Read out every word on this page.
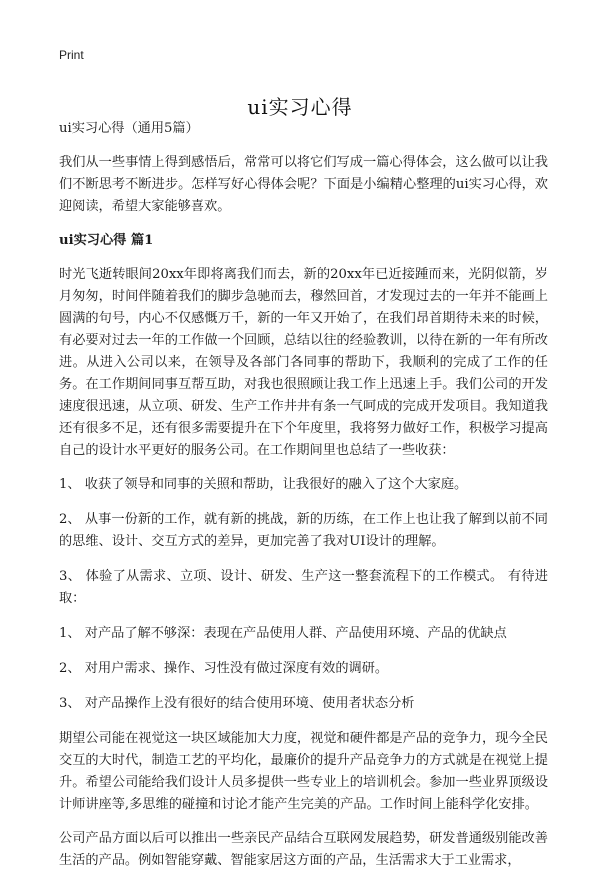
Print
ui实习心得

ui实习心得（通用5篇）

我们从一些事情上得到感悟后，常常可以将它们写成一篇心得体会，这么做可以让我们不断思考不断进步。怎样写好心得体会呢？下面是小编精心整理的ui实习心得，欢迎阅读，希望大家能够喜欢。

ui实习心得 篇1

时光飞逝转眼间20xx年即将离我们而去，新的20xx年已近接踵而来，光阴似箭，岁月匆匆，时间伴随着我们的脚步急驰而去，穆然回首，才发现过去的一年并不能画上圆满的句号，内心不仅感慨万千，新的一年又开始了，在我们昂首期待未来的时候，有必要对过去一年的工作做一个回顾，总结以往的经验教训，以待在新的一年有所改进。从进入公司以来，在领导及各部门各同事的帮助下，我顺利的完成了工作的任务。在工作期间同事互帮互助，对我也很照顾让我工作上迅速上手。我们公司的开发速度很迅速，从立项、研发、生产工作井井有条一气呵成的完成开发项目。我知道我还有很多不足，还有很多需要提升在下个年度里，我将努力做好工作，积极学习提高自己的设计水平更好的服务公司。在工作期间里也总结了一些收获：

1、 收获了领导和同事的关照和帮助，让我很好的融入了这个大家庭。

2、 从事一份新的工作，就有新的挑战，新的历练，在工作上也让我了解到以前不同的思维、设计、交互方式的差异，更加完善了我对UI设计的理解。

3、 体验了从需求、立项、设计、研发、生产这一整套流程下的工作模式。 有待进取：

1、 对产品了解不够深：表现在产品使用人群、产品使用环境、产品的优缺点

2、 对用户需求、操作、习性没有做过深度有效的调研。

3、 对产品操作上没有很好的结合使用环境、使用者状态分析

期望公司能在视觉这一块区域能加大力度，视觉和硬件都是产品的竞争力，现今全民交互的大时代，制造工艺的平均化，最廉价的提升产品竞争力的方式就是在视觉上提升。希望公司能给我们设计人员多提供一些专业上的培训机会。参加一些业界顶级设计师讲座等,多思维的碰撞和讨论才能产生完美的产品。工作时间上能科学化安排。

公司产品方面以后可以推出一些亲民产品结合互联网发展趋势，研发普通级别能改善生活的产品。例如智能穿戴、智能家居这方面的产品，生活需求大于工业需求，
